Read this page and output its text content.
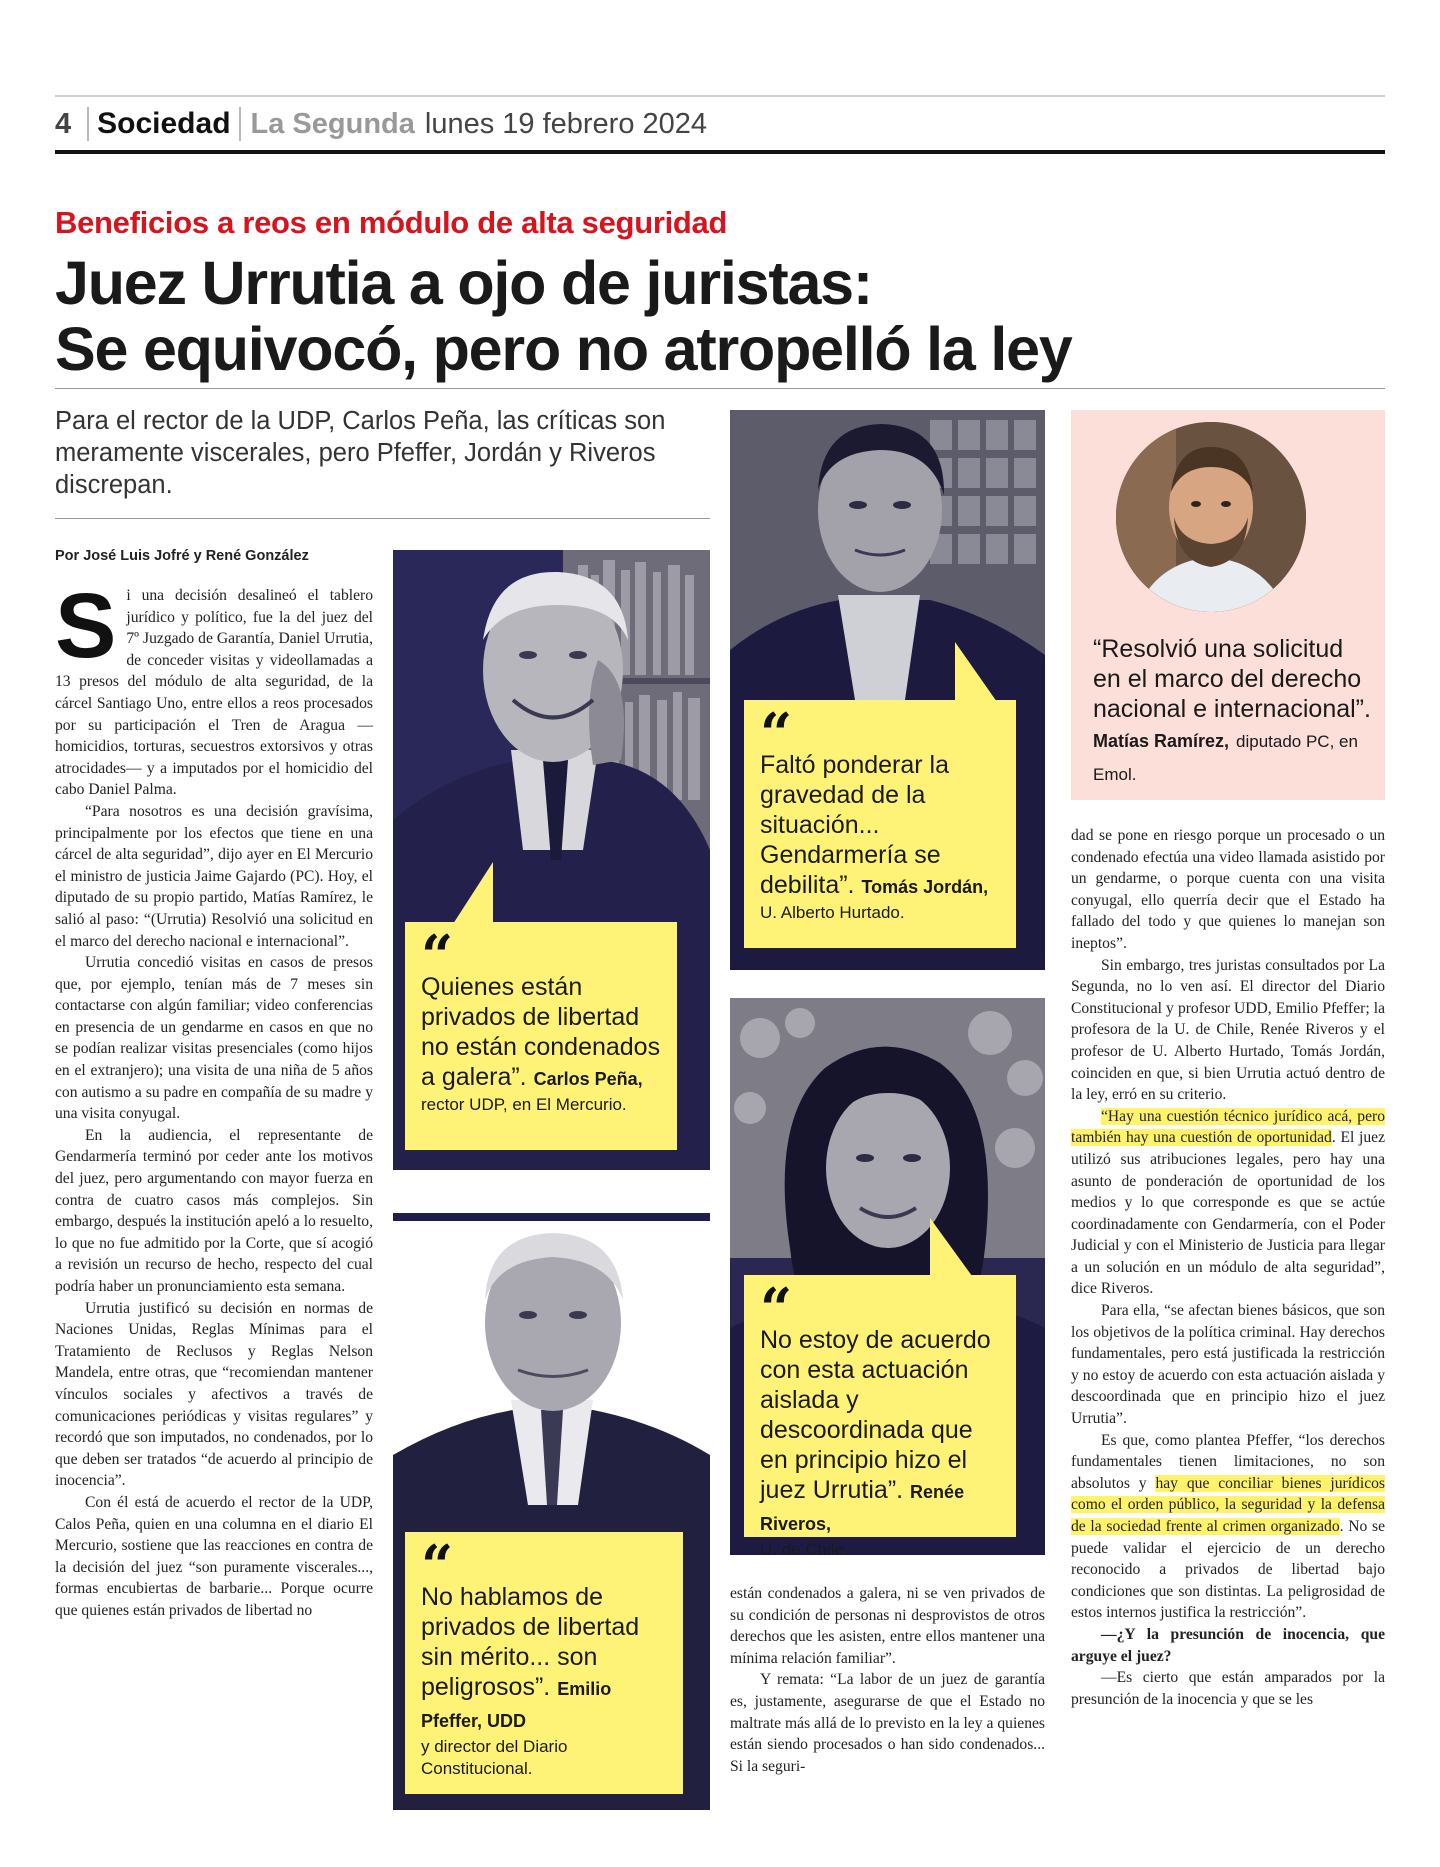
4 Sociedad La Segunda lunes 19 febrero 2024
Beneficios a reos en módulo de alta seguridad
Juez Urrutia a ojo de juristas:
Se equivocó, pero no atropelló la ley
Para el rector de la UDP, Carlos Peña, las críticas son meramente viscerales, pero Pfeffer, Jordán y Riveros discrepan.
Por José Luis Jofré y René González

Si una decisión desalineó el tablero jurídico y político, fue la del juez del 7º Juzgado de Garantía, Daniel Urrutia, de conceder visitas y videollamadas a 13 presos del módulo de alta seguridad, de la cárcel Santiago Uno, entre ellos a reos procesados por su participación el Tren de Aragua —homicidios, torturas, secuestros extorsivos y otras atrocidades— y a imputados por el homicidio del cabo Daniel Palma.

“Para nosotros es una decisión gravísima, principalmente por los efectos que tiene en una cárcel de alta seguridad”, dijo ayer en El Mercurio el ministro de justicia Jaime Gajardo (PC). Hoy, el diputado de su propio partido, Matías Ramírez, le salió al paso: “(Urrutia) Resolvió una solicitud en el marco del derecho nacional e internacional”.

Urrutia concedió visitas en casos de presos que, por ejemplo, tenían más de 7 meses sin contactarse con algún familiar; video conferencias en presencia de un gendarme en casos en que no se podían realizar visitas presenciales (como hijos en el extranjero); una visita de una niña de 5 años con autismo a su padre en compañía de su madre y una visita conyugal.

En la audiencia, el representante de Gendarmería terminó por ceder ante los motivos del juez, pero argumentando con mayor fuerza en contra de cuatro casos más complejos. Sin embargo, después la institución apeló a lo resuelto, lo que no fue admitido por la Corte, que sí acogió a revisión un recurso de hecho, respecto del cual podría haber un pronunciamiento esta semana.

Urrutia justificó su decisión en normas de Naciones Unidas, Reglas Mínimas para el Tratamiento de Reclusos y Reglas Nelson Mandela, entre otras, que “recomiendan mantener vínculos sociales y afectivos a través de comunicaciones periódicas y visitas regulares” y recordó que son imputados, no condenados, por lo que deben ser tratados “de acuerdo al principio de inocencia”.

Con él está de acuerdo el rector de la UDP, Calos Peña, quien en una columna en el diario El Mercurio, sostiene que las reacciones en contra de la decisión del juez “son puramente viscerales..., formas encubiertas de barbarie... Porque ocurre que quienes están privados de libertad no

“
Quienes están privados de libertad no están condenados a galera”. Carlos Peña,
rector UDP, en El Mercurio.
“
No hablamos de privados de libertad sin mérito... son peligrosos”. Emilio Pfeffer, UDD
y director del Diario Constitucional.
“
Faltó ponderar la gravedad de la situación... Gendarmería se debilita”. Tomás Jordán,
U. Alberto Hurtado.
“
No estoy de acuerdo con esta actuación aislada y descoordinada que en principio hizo el juez Urrutia”. Renée Riveros,
U. de Chile.

están condenados a galera, ni se ven privados de su condición de personas ni desprovistos de otros derechos que les asisten, entre ellos mantener una mínima relación familiar”.

Y remata: “La labor de un juez de garantía es, justamente, asegurarse de que el Estado no maltrate más allá de lo previsto en la ley a quienes están siendo procesados o han sido condenados... Si la seguri-

“Resolvió una solicitud en el marco del derecho nacional e internacional”. Matías Ramírez, diputado PC, en Emol.

dad se pone en riesgo porque un procesado o un condenado efectúa una video llamada asistido por un gendarme, o porque cuenta con una visita conyugal, ello querría decir que el Estado ha fallado del todo y que quienes lo manejan son ineptos”.

Sin embargo, tres juristas consultados por La Segunda, no lo ven así. El director del Diario Constitucional y profesor UDD, Emilio Pfeffer; la profesora de la U. de Chile, Renée Riveros y el profesor de U. Alberto Hurtado, Tomás Jordán, coinciden en que, si bien Urrutia actuó dentro de la ley, erró en su criterio.

“Hay una cuestión técnico jurídico acá, pero también hay una cuestión de oportunidad. El juez utilizó sus atribuciones legales, pero hay una asunto de ponderación de oportunidad de los medios y lo que corresponde es que se actúe coordinadamente con Gendarmería, con el Poder Judicial y con el Ministerio de Justicia para llegar a un solución en un módulo de alta seguridad”, dice Riveros.

Para ella, “se afectan bienes básicos, que son los objetivos de la política criminal. Hay derechos fundamentales, pero está justificada la restricción y no estoy de acuerdo con esta actuación aislada y descoordinada que en principio hizo el juez Urrutia”.

Es que, como plantea Pfeffer, “los derechos fundamentales tienen limitaciones, no son absolutos y hay que conciliar bienes jurídicos como el orden público, la seguridad y la defensa de la sociedad frente al crimen organizado. No se puede validar el ejercicio de un derecho reconocido a privados de libertad bajo condiciones que son distintas. La peligrosidad de estos internos justifica la restricción”.

—¿Y la presunción de inocencia, que arguye el juez?

—Es cierto que están amparados por la presunción de la inocencia y que se les
